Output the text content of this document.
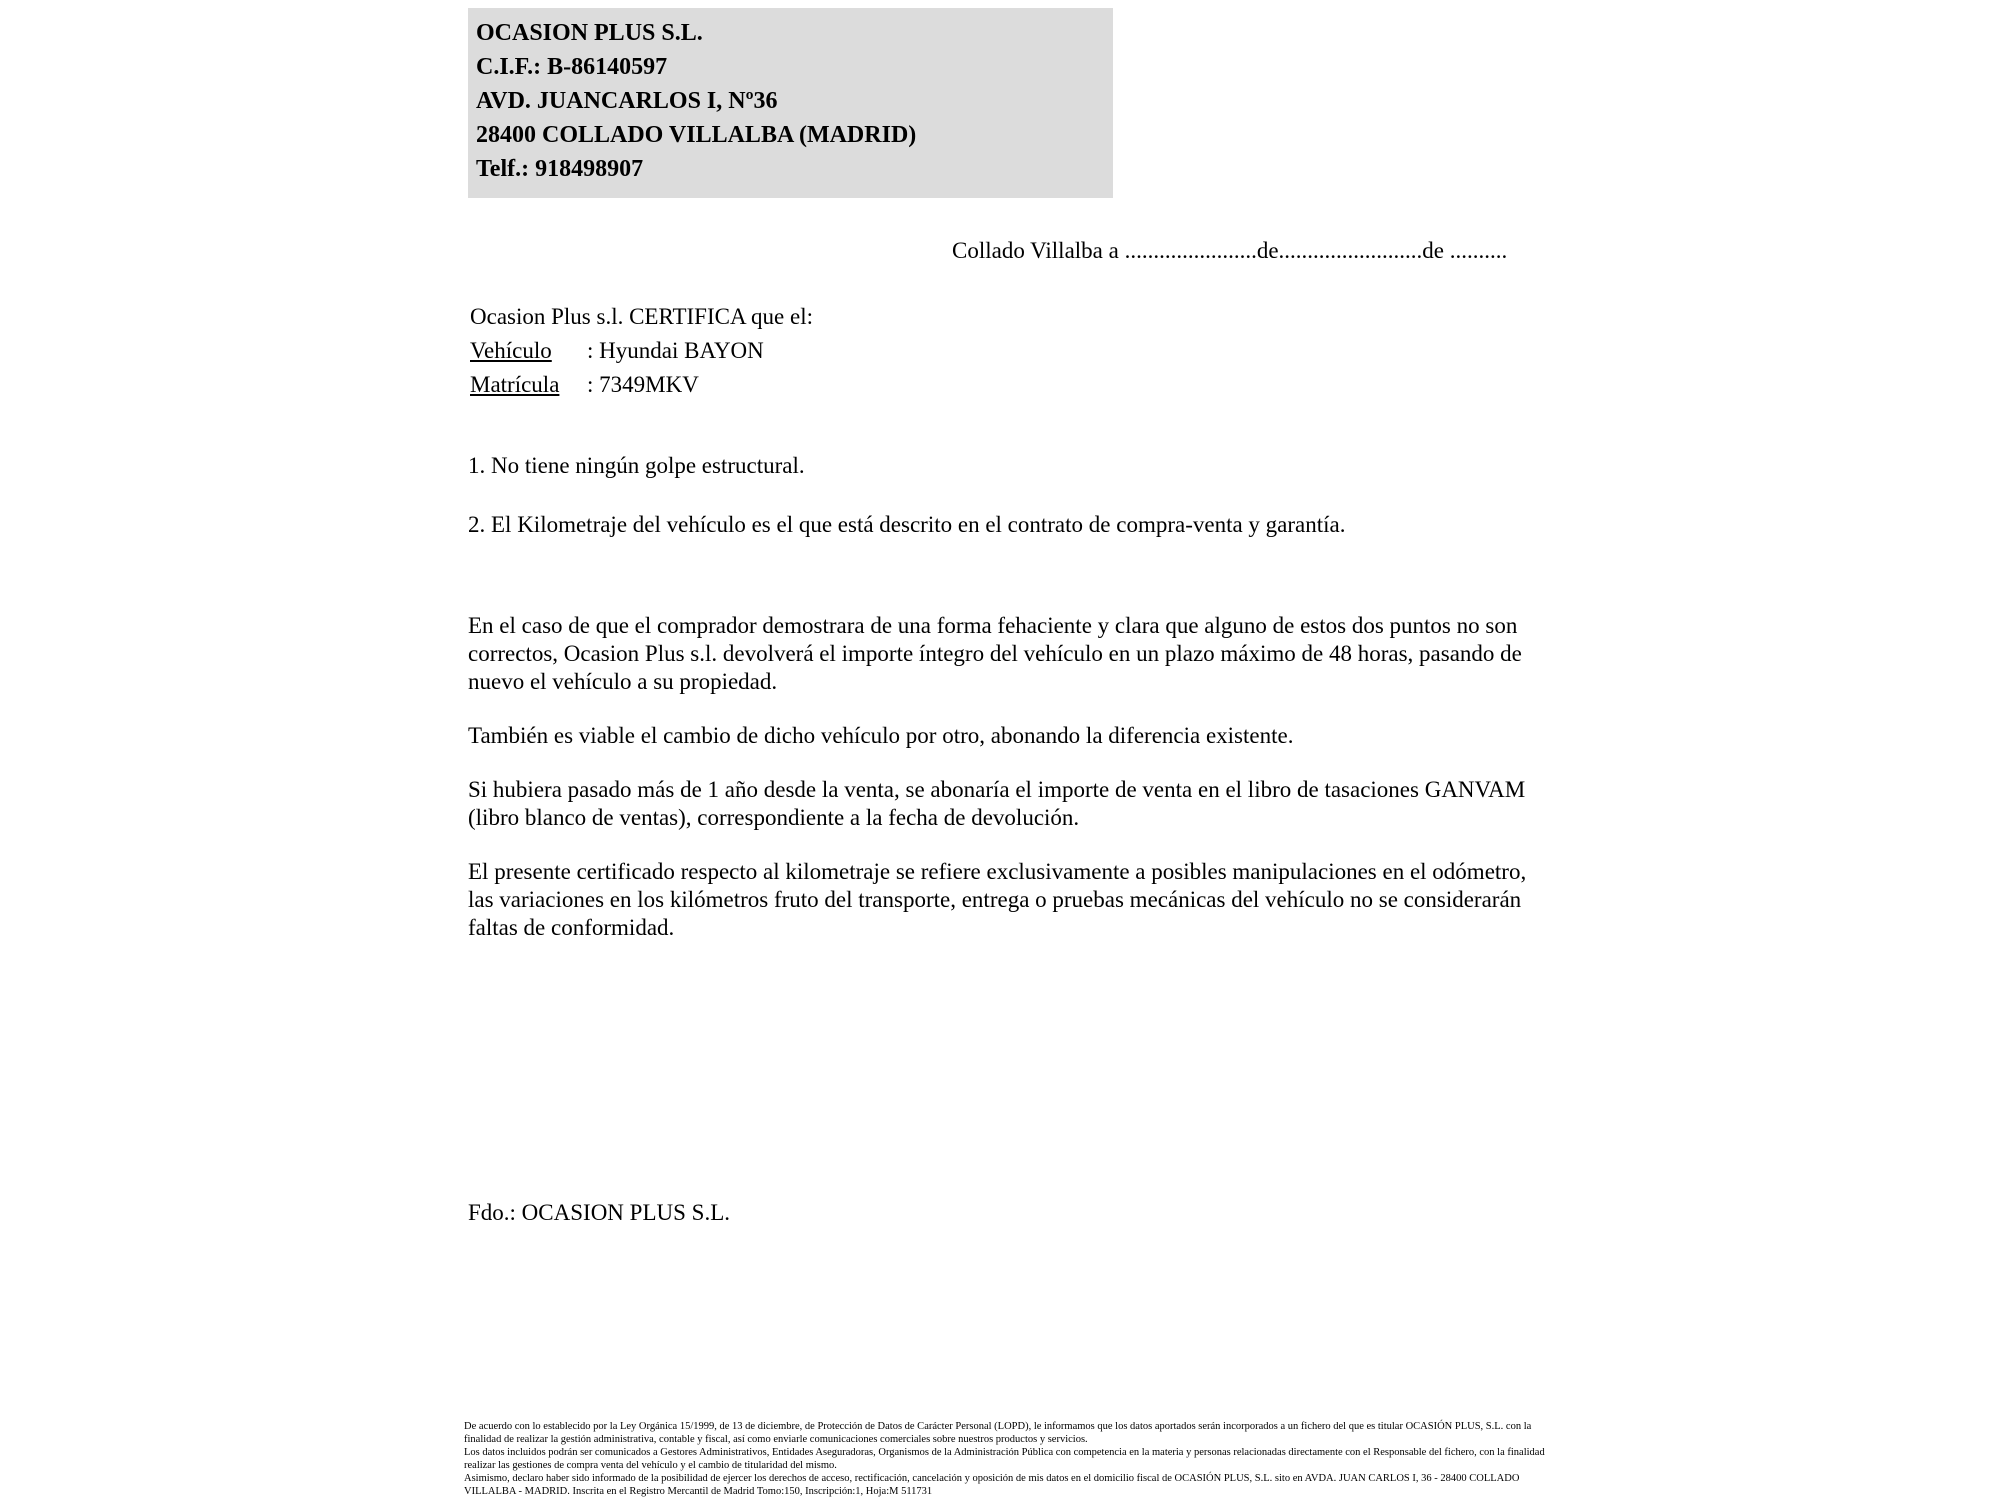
OCASION PLUS S.L.
C.I.F.: B-86140597
AVD. JUANCARLOS I, Nº36
28400 COLLADO VILLALBA (MADRID)
Telf.: 918498907
Collado Villalba a .......................de.........................de ..........
Ocasion Plus s.l. CERTIFICA que el:
Vehículo : Hyundai BAYON
Matrícula : 7349MKV
1. No tiene ningún golpe estructural.
2. El Kilometraje del vehículo es el que está descrito en el contrato de compra-venta y garantía.

En el caso de que el comprador demostrara de una forma fehaciente y clara que alguno de estos dos puntos no son correctos, Ocasion Plus s.l. devolverá el importe íntegro del vehículo en un plazo máximo de 48 horas, pasando de nuevo el vehículo a su propiedad.

También es viable el cambio de dicho vehículo por otro, abonando la diferencia existente.

Si hubiera pasado más de 1 año desde la venta, se abonaría el importe de venta en el libro de tasaciones GANVAM (libro blanco de ventas), correspondiente a la fecha de devolución.

El presente certificado respecto al kilometraje se refiere exclusivamente a posibles manipulaciones en el odómetro, las variaciones en los kilómetros fruto del transporte, entrega o pruebas mecánicas del vehículo no se considerarán faltas de conformidad.

Fdo.: OCASION PLUS S.L.

De acuerdo con lo establecido por la Ley Orgánica 15/1999, de 13 de diciembre, de Protección de Datos de Carácter Personal (LOPD), le informamos que los datos aportados serán incorporados a un fichero del que es titular OCASIÓN PLUS, S.L. con la finalidad de realizar la gestión administrativa, contable y fiscal, así como enviarle comunicaciones comerciales sobre nuestros productos y servicios.

Los datos incluidos podrán ser comunicados a Gestores Administrativos, Entidades Aseguradoras, Organismos de la Administración Pública con competencia en la materia y personas relacionadas directamente con el Responsable del fichero, con la finalidad realizar las gestiones de compra venta del vehículo y el cambio de titularidad del mismo.

Asimismo, declaro haber sido informado de la posibilidad de ejercer los derechos de acceso, rectificación, cancelación y oposición de mis datos en el domicilio fiscal de OCASIÓN PLUS, S.L. sito en AVDA. JUAN CARLOS I, 36 - 28400 COLLADO VILLALBA - MADRID. Inscrita en el Registro Mercantil de Madrid Tomo:150, Inscripción:1, Hoja:M 511731
